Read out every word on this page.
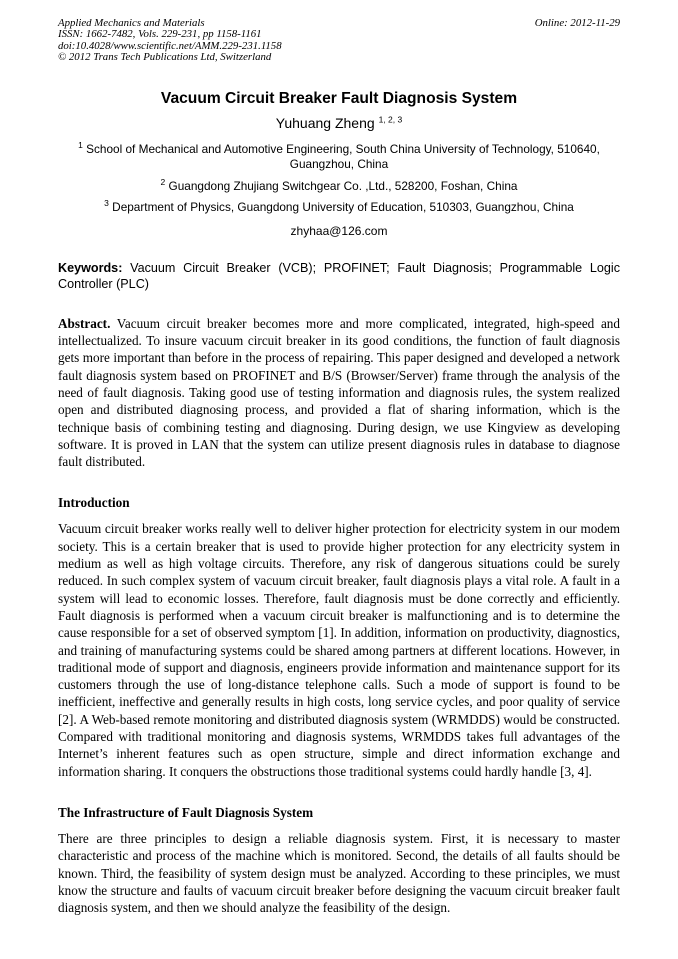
Applied Mechanics and Materials
ISSN: 1662-7482, Vols. 229-231, pp 1158-1161
doi:10.4028/www.scientific.net/AMM.229-231.1158
© 2012 Trans Tech Publications Ltd, Switzerland
Online: 2012-11-29
Vacuum Circuit Breaker Fault Diagnosis System
Yuhuang Zheng $^{1, 2, 3}$
$^1$ School of Mechanical and Automotive Engineering, South China University of Technology, 510640, Guangzhou, China
$^2$ Guangdong Zhujiang Switchgear Co. ,Ltd., 528200, Foshan, China
$^3$ Department of Physics, Guangdong University of Education, 510303, Guangzhou, China
zhyhaa@126.com

Keywords: Vacuum Circuit Breaker (VCB); PROFINET; Fault Diagnosis; Programmable Logic Controller (PLC)

Abstract. Vacuum circuit breaker becomes more and more complicated, integrated, high-speed and intellectualized. To insure vacuum circuit breaker in its good conditions, the function of fault diagnosis gets more important than before in the process of repairing. This paper designed and developed a network fault diagnosis system based on PROFINET and B/S (Browser/Server) frame through the analysis of the need of fault diagnosis. Taking good use of testing information and diagnosis rules, the system realized open and distributed diagnosing process, and provided a flat of sharing information, which is the technique basis of combining testing and diagnosing. During design, we use Kingview as developing software. It is proved in LAN that the system can utilize present diagnosis rules in database to diagnose fault distributed.

Introduction

Vacuum circuit breaker works really well to deliver higher protection for electricity system in our modem society. This is a certain breaker that is used to provide higher protection for any electricity system in medium as well as high voltage circuits. Therefore, any risk of dangerous situations could be surely reduced. In such complex system of vacuum circuit breaker, fault diagnosis plays a vital role. A fault in a system will lead to economic losses. Therefore, fault diagnosis must be done correctly and efficiently. Fault diagnosis is performed when a vacuum circuit breaker is malfunctioning and is to determine the cause responsible for a set of observed symptom [1]. In addition, information on productivity, diagnostics, and training of manufacturing systems could be shared among partners at different locations. However, in traditional mode of support and diagnosis, engineers provide information and maintenance support for its customers through the use of long-distance telephone calls. Such a mode of support is found to be inefficient, ineffective and generally results in high costs, long service cycles, and poor quality of service [2]. A Web-based remote monitoring and distributed diagnosis system (WRMDDS) would be constructed. Compared with traditional monitoring and diagnosis systems, WRMDDS takes full advantages of the Internet’s inherent features such as open structure, simple and direct information exchange and information sharing. It conquers the obstructions those traditional systems could hardly handle [3, 4].

The Infrastructure of Fault Diagnosis System

There are three principles to design a reliable diagnosis system. First, it is necessary to master characteristic and process of the machine which is monitored. Second, the details of all faults should be known. Third, the feasibility of system design must be analyzed. According to these principles, we must know the structure and faults of vacuum circuit breaker before designing the vacuum circuit breaker fault diagnosis system, and then we should analyze the feasibility of the design.
